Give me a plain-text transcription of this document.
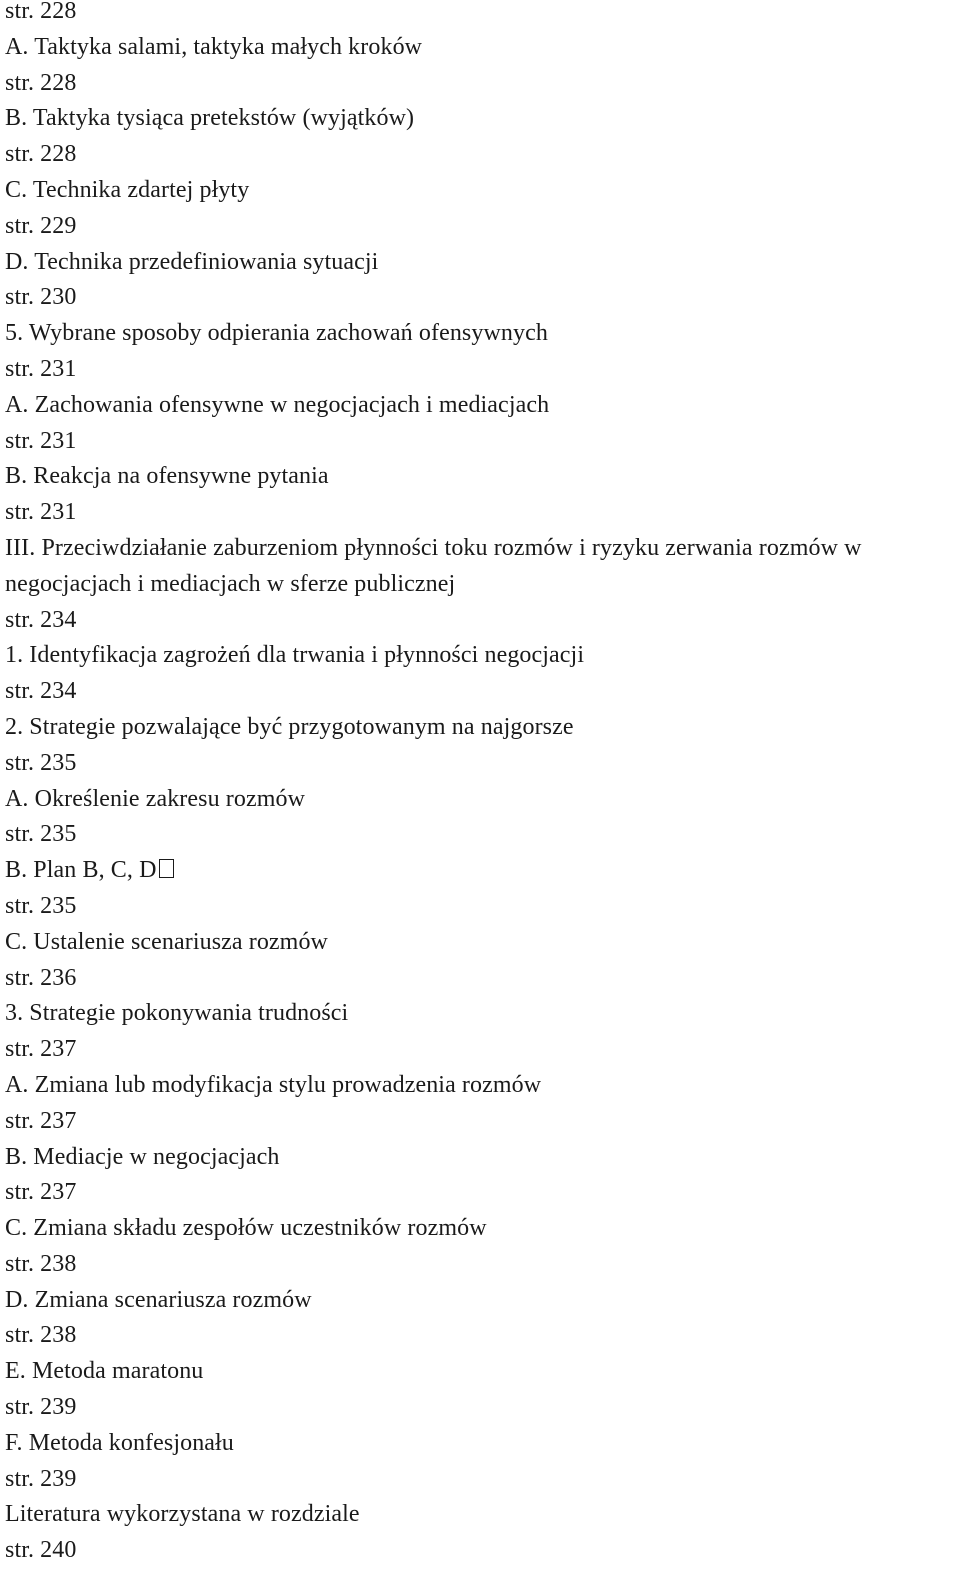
str. 228
A. Taktyka salami, taktyka małych kroków
str. 228
B. Taktyka tysiąca pretekstów (wyjątków)
str. 228
C. Technika zdartej płyty
str. 229
D. Technika przedefiniowania sytuacji
str. 230
5. Wybrane sposoby odpierania zachowań ofensywnych
str. 231
A. Zachowania ofensywne w negocjacjach i mediacjach
str. 231
B. Reakcja na ofensywne pytania
str. 231
III. Przeciwdziałanie zaburzeniom płynności toku rozmów i ryzyku zerwania rozmów w negocjacjach i mediacjach w sferze publicznej
str. 234
1. Identyfikacja zagrożeń dla trwania i płynności negocjacji
str. 234
2. Strategie pozwalające być przygotowanym na najgorsze
str. 235
A. Określenie zakresu rozmów
str. 235
B. Plan B, C, D
str. 235
C. Ustalenie scenariusza rozmów
str. 236
3. Strategie pokonywania trudności
str. 237
A. Zmiana lub modyfikacja stylu prowadzenia rozmów
str. 237
B. Mediacje w negocjacjach
str. 237
C. Zmiana składu zespołów uczestników rozmów
str. 238
D. Zmiana scenariusza rozmów
str. 238
E. Metoda maratonu
str. 239
F. Metoda konfesjonału
str. 239
Literatura wykorzystana w rozdziale
str. 240
